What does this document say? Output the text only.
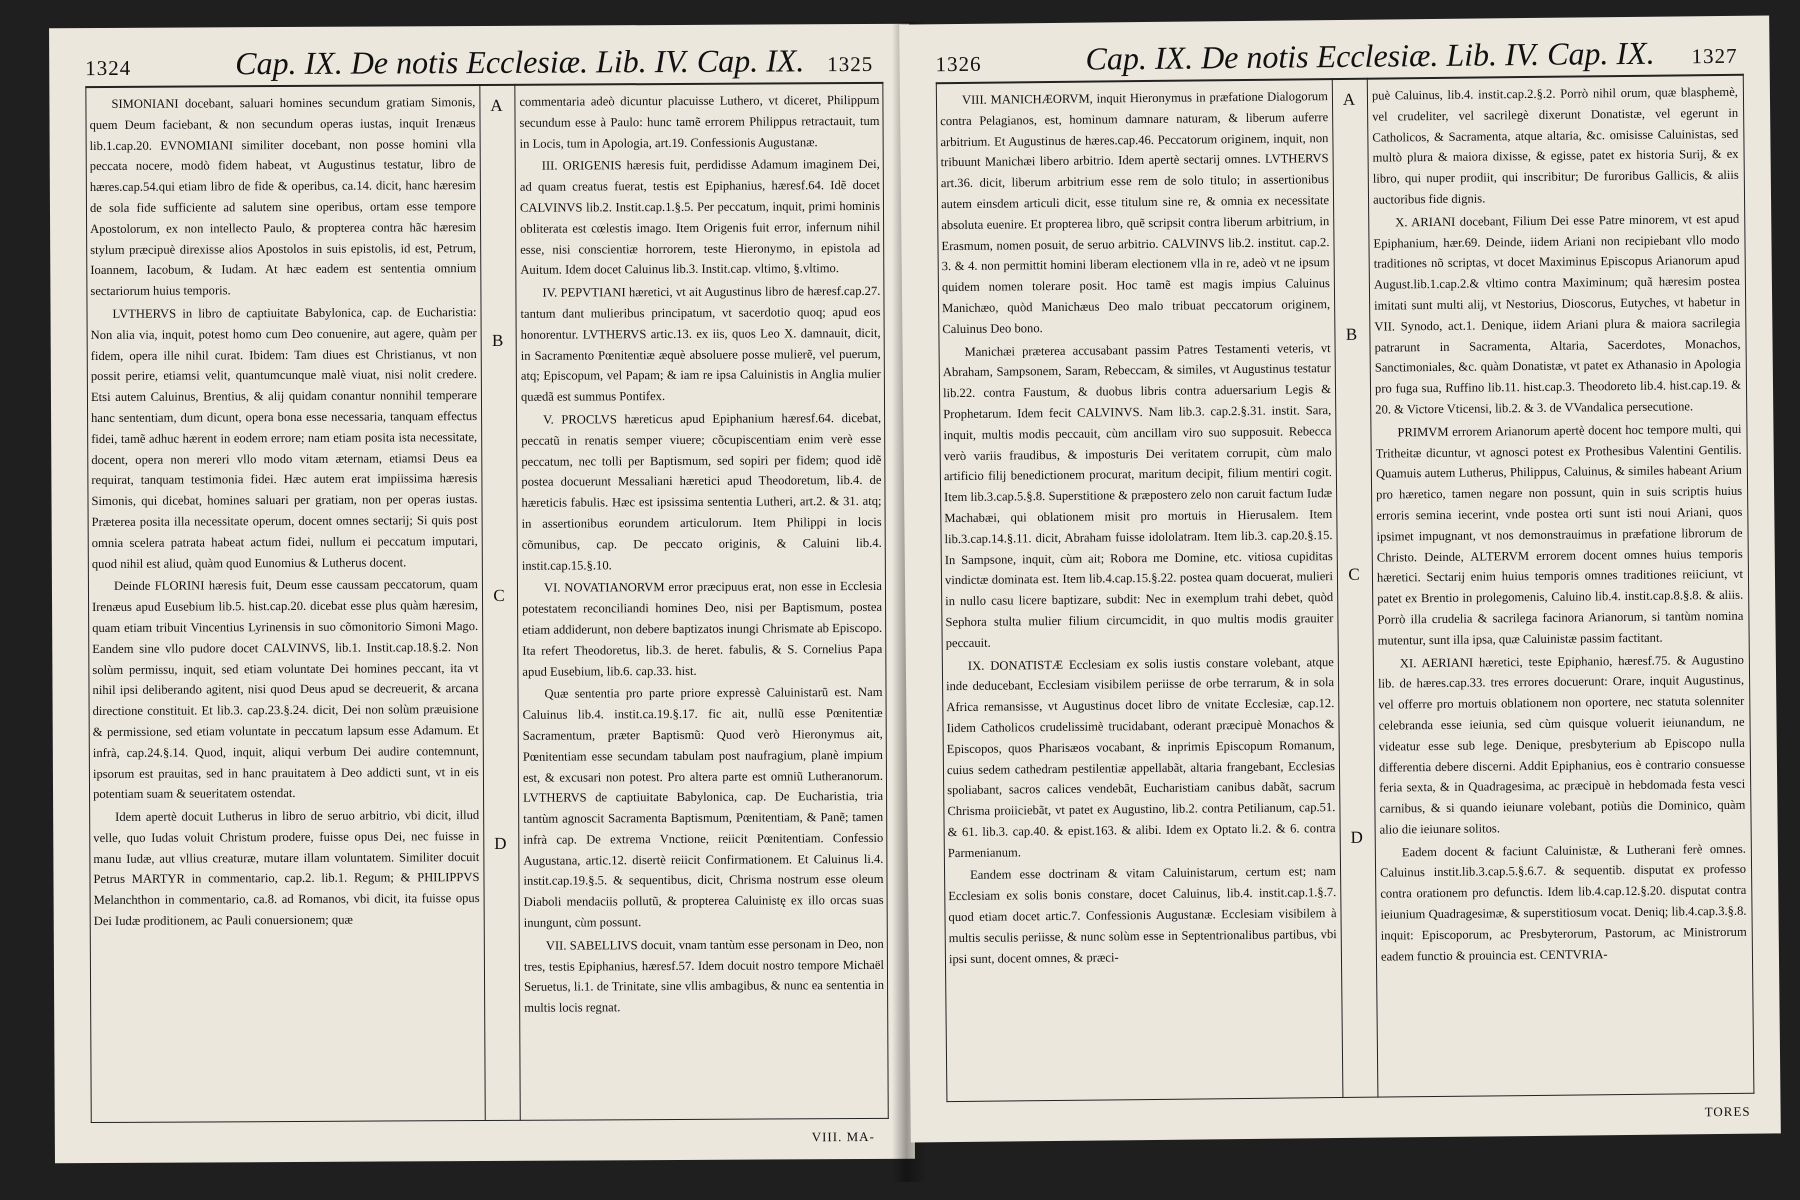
1324	Cap. IX. De notis Ecclesiæ. Lib. IV. Cap. IX. 1325

SIMONIANI docebant, saluari homines secundum gratiam Simonis, quem Deum faciebant, & non secundum operas iustas, inquit Irenæus lib.1.cap.20. EVNOMIANI similiter docebant, non posse homini vlla peccata nocere, modò fidem habeat, vt Augustinus testatur, libro de hæres.cap.54.qui etiam libro de fide & operibus, ca.14. dicit, hanc hæresim de sola fide sufficiente ad salutem sine operibus, ortam esse tempore Apostolorum, ex non intellecto Paulo, & propterea contra hãc hæresim stylum præcipuè direxisse alios Apostolos in suis epistolis, id est, Petrum, Ioannem, Iacobum, & Iudam. At hæc eadem est sententia omnium sectariorum huius temporis.

LVTHERVS in libro de captiuitate Babylonica, cap. de Eucharistia: Non alia via, inquit, potest homo cum Deo conuenire, aut agere, quàm per fidem, opera ille nihil curat. Ibidem: Tam diues est Christianus, vt non possit perire, etiamsi velit, quantumcunque malè viuat, nisi nolit credere. Etsi autem Caluinus, Brentius, & alij quidam conantur nonnihil temperare hanc sententiam, dum dicunt, opera bona esse necessaria, tanquam effectus fidei, tamẽ adhuc hærent in eodem errore; nam etiam posita ista necessitate, docent, opera non mereri vllo modo vitam æternam, etiamsi Deus ea requirat, tanquam testimonia fidei. Hæc autem erat impiissima hæresis Simonis, qui dicebat, homines saluari per gratiam, non per operas iustas. Præterea posita illa necessitate operum, docent omnes sectarij; Si quis post omnia scelera patrata habeat actum fidei, nullum ei peccatum imputari, quod nihil est aliud, quàm quod Eunomius & Lutherus docent.

Deinde FLORINI hæresis fuit, Deum esse caussam peccatorum, quam Irenæus apud Eusebium lib.5. hist.cap.20. dicebat esse plus quàm hæresim, quam etiam tribuit Vincentius Lyrinensis in suo cõmonitorio Simoni Mago. Eandem sine vllo pudore docet CALVINVS, lib.1. Instit.cap.18.§.2. Non solùm permissu, inquit, sed etiam voluntate Dei homines peccant, ita vt nihil ipsi deliberando agitent, nisi quod Deus apud se decreuerit, & arcana directione constituit. Et lib.3. cap.23.§.24. dicit, Dei non solùm præuisione & permissione, sed etiam voluntate in peccatum lapsum esse Adamum. Et infrà, cap.24.§.14. Quod, inquit, aliqui verbum Dei audire contemnunt, ipsorum est prauitas, sed in hanc prauitatem à Deo addicti sunt, vt in eis potentiam suam & seueritatem ostendat.

Idem apertè docuit Lutherus in libro de seruo arbitrio, vbi dicit, illud velle, quo Iudas voluit Christum prodere, fuisse opus Dei, nec fuisse in manu Iudæ, aut vllius creaturæ, mutare illam voluntatem. Similiter docuit Petrus MARTYR in commentario, cap.2. lib.1. Regum; & PHILIPPVS Melanchthon in commentario, ca.8. ad Romanos, vbi dicit, ita fuisse opus Dei Iudæ proditionem, ac Pauli conuersionem; quæ

A
B
C
D

commentaria adeò dicuntur placuisse Luthero, vt diceret, Philippum secundum esse à Paulo: hunc tamẽ errorem Philippus retractauit, tum in Locis, tum in Apologia, art.19. Confessionis Augustanæ.

III. ORIGENIS hæresis fuit, perdidisse Adamum imaginem Dei, ad quam creatus fuerat, testis est Epiphanius, hæresf.64. Idẽ docet CALVINVS lib.2. Instit.cap.1.§.5. Per peccatum, inquit, primi hominis obliterata est cœlestis imago. Item Origenis fuit error, infernum nihil esse, nisi conscientiæ horrorem, teste Hieronymo, in epistola ad Auitum. Idem docet Caluinus lib.3. Instit.cap. vltimo, §.vltimo.

IV. PEPVTIANI hæretici, vt ait Augustinus libro de hæresf.cap.27. tantum dant mulieribus principatum, vt sacerdotio quoq; apud eos honorentur. LVTHERVS artic.13. ex iis, quos Leo X. damnauit, dicit, in Sacramento Pœnitentiæ æquè absoluere posse mulierẽ, vel puerum, atq; Episcopum, vel Papam; & iam re ipsa Caluinistis in Anglia mulier quædã est summus Pontifex.

V. PROCLVS hæreticus apud Epiphanium hæresf.64. dicebat, peccatũ in renatis semper viuere; cõcupiscentiam enim verè esse peccatum, nec tolli per Baptismum, sed sopiri per fidem; quod idẽ postea docuerunt Messaliani hæretici apud Theodoretum, lib.4. de hæreticis fabulis. Hæc est ipsissima sententia Lutheri, art.2. & 31. atq; in assertionibus eorundem articulorum. Item Philippi in locis cõmunibus, cap. De peccato originis, & Caluini lib.4. instit.cap.15.§.10.

VI. NOVATIANORVM error præcipuus erat, non esse in Ecclesia potestatem reconciliandi homines Deo, nisi per Baptismum, postea etiam addiderunt, non debere baptizatos inungi Chrismate ab Episcopo. Ita refert Theodoretus, lib.3. de heret. fabulis, & S. Cornelius Papa apud Eusebium, lib.6. cap.33. hist.

Quæ sententia pro parte priore expressè Caluinistarũ est. Nam Caluinus lib.4. instit.ca.19.§.17. fic ait, nullũ esse Pœnitentiæ Sacramentum, præter Baptismũ: Quod verò Hieronymus ait, Pœnitentiam esse secundam tabulam post naufragium, planè impium est, & excusari non potest. Pro altera parte est omniũ Lutheranorum. LVTHERVS de captiuitate Babylonica, cap. De Eucharistia, tria tantùm agnoscit Sacramenta Baptismum, Pœnitentiam, & Panẽ; tamen infrà cap. De extrema Vnctione, reiicit Pœnitentiam. Confessio Augustana, artic.12. disertè reiicit Confirmationem. Et Caluinus li.4. instit.cap.19.§.5. & sequentibus, dicit, Chrisma nostrum esse oleum Diaboli mendaciis pollutũ, & propterea Caluinistę ex illo orcas suas inungunt, cùm possunt.

VII. SABELLIVS docuit, vnam tantùm esse personam in Deo, non tres, testis Epiphanius, hæresf.57. Idem docuit nostro tempore Michaël Seruetus, li.1. de Trinitate, sine vllis ambagibus, & nunc ea sententia in multis locis regnat.

VIII. MA-
1326	Cap. IX. De notis Ecclesiæ. Lib. IV. Cap. IX. 1327

VIII. MANICHÆORVM, inquit Hieronymus in præfatione Dialogorum contra Pelagianos, est, hominum damnare naturam, & liberum auferre arbitrium. Et Augustinus de hæres.cap.46. Peccatorum originem, inquit, non tribuunt Manichæi libero arbitrio. Idem apertè sectarij omnes. LVTHERVS art.36. dicit, liberum arbitrium esse rem de solo titulo; in assertionibus autem einsdem articuli dicit, esse titulum sine re, & omnia ex necessitate absoluta euenire. Et propterea libro, quẽ scripsit contra liberum arbitrium, in Erasmum, nomen posuit, de seruo arbitrio. CALVINVS lib.2. institut. cap.2. 3. & 4. non permittit homini liberam electionem vlla in re, adeò vt ne ipsum quidem nomen tolerare posit. Hoc tamẽ est magis impius Caluinus Manichæo, quòd Manichæus Deo malo tribuat peccatorum originem, Caluinus Deo bono.

Manichæi præterea accusabant passim Patres Testamenti veteris, vt Abraham, Sampsonem, Saram, Rebeccam, & similes, vt Augustinus testatur lib.22. contra Faustum, & duobus libris contra aduersarium Legis & Prophetarum. Idem fecit CALVINVS. Nam lib.3. cap.2.§.31. instit. Sara, inquit, multis modis peccauit, cùm ancillam viro suo supposuit. Rebecca verò variis fraudibus, & imposturis Dei veritatem corrupit, cùm malo artificio filij benedictionem procurat, maritum decipit, filium mentiri cogit. Item lib.3.cap.5.§.8. Superstitione & præpostero zelo non caruit factum Iudæ Machabæi, qui oblationem misit pro mortuis in Hierusalem. Item lib.3.cap.14.§.11. dicit, Abraham fuisse idololatram. Item lib.3. cap.20.§.15. In Sampsone, inquit, cùm ait; Robora me Domine, etc. vitiosa cupiditas vindictæ dominata est. Item lib.4.cap.15.§.22. postea quam docuerat, mulieri in nullo casu licere baptizare, subdit: Nec in exemplum trahi debet, quòd Sephora stulta mulier filium circumcidit, in quo multis modis grauiter peccauit.

IX. DONATISTÆ Ecclesiam ex solis iustis constare volebant, atque inde deducebant, Ecclesiam visibilem periisse de orbe terrarum, & in sola Africa remansisse, vt Augustinus docet libro de vnitate Ecclesiæ, cap.12. Iidem Catholicos crudelissimè trucidabant, oderant præcipuè Monachos & Episcopos, quos Pharisæos vocabant, & inprimis Episcopum Romanum, cuius sedem cathedram pestilentiæ appellabãt, altaria frangebant, Ecclesias spoliabant, sacros calices vendebãt, Eucharistiam canibus dabãt, sacrum Chrisma proiiciebãt, vt patet ex Augustino, lib.2. contra Petilianum, cap.51. & 61. lib.3. cap.40. & epist.163. & alibi. Idem ex Optato li.2. & 6. contra Parmenianum.

Eandem esse doctrinam & vitam Caluinistarum, certum est; nam Ecclesiam ex solis bonis constare, docet Caluinus, lib.4. instit.cap.1.§.7. quod etiam docet artic.7. Confessionis Augustanæ. Ecclesiam visibilem à multis seculis periisse, & nunc solùm esse in Septentrionalibus partibus, vbi ipsi sunt, docent omnes, & præci-

A
B
C
D

puè Caluinus, lib.4. instit.cap.2.§.2. Porrò nihil orum, quæ blasphemè, vel crudeliter, vel sacrilegè dixerunt Donatistæ, vel egerunt in Catholicos, & Sacramenta, atque altaria, &c. omisisse Caluinistas, sed multò plura & maiora dixisse, & egisse, patet ex historia Surij, & ex libro, qui nuper prodiit, qui inscribitur; De furoribus Gallicis, & aliis auctoribus fide dignis.

X. ARIANI docebant, Filium Dei esse Patre minorem, vt est apud Epiphanium, hær.69. Deinde, iidem Ariani non recipiebant vllo modo traditiones nõ scriptas, vt docet Maximinus Episcopus Arianorum apud August.lib.1.cap.2.& vltimo contra Maximinum; quã hæresim postea imitati sunt multi alij, vt Nestorius, Dioscorus, Eutyches, vt habetur in VII. Synodo, act.1. Denique, iidem Ariani plura & maiora sacrilegia patrarunt in Sacramenta, Altaria, Sacerdotes, Monachos, Sanctimoniales, &c. quàm Donatistæ, vt patet ex Athanasio in Apologia pro fuga sua, Ruffino lib.11. hist.cap.3. Theodoreto lib.4. hist.cap.19. & 20. & Victore Vticensi, lib.2. & 3. de VVandalica persecutione.

PRIMVM errorem Arianorum apertè docent hoc tempore multi, qui Tritheitæ dicuntur, vt agnosci potest ex Prothesibus Valentini Gentilis. Quamuis autem Lutherus, Philippus, Caluinus, & similes habeant Arium pro hæretico, tamen negare non possunt, quin in suis scriptis huius erroris semina iecerint, vnde postea orti sunt isti noui Ariani, quos ipsimet impugnant, vt nos demonstrauimus in præfatione librorum de Christo. Deinde, ALTERVM errorem docent omnes huius temporis hæretici. Sectarij enim huius temporis omnes traditiones reiiciunt, vt patet ex Brentio in prolegomenis, Caluino lib.4. instit.cap.8.§.8. & aliis. Porrò illa crudelia & sacrilega facinora Arianorum, si tantùm nomina mutentur, sunt illa ipsa, quæ Caluinistæ passim factitant.

XI. AERIANI hæretici, teste Epiphanio, hæresf.75. & Augustino lib. de hæres.cap.33. tres errores docuerunt: Orare, inquit Augustinus, vel offerre pro mortuis oblationem non oportere, nec statuta solenniter celebranda esse ieiunia, sed cùm quisque voluerit ieiunandum, ne videatur esse sub lege. Denique, presbyterium ab Episcopo nulla differentia debere discerni. Addit Epiphanius, eos è contrario consuesse feria sexta, & in Quadragesima, ac præcipuè in hebdomada festa vesci carnibus, & si quando ieiunare volebant, potiùs die Dominico, quàm alio die ieiunare solitos.

Eadem docent & faciunt Caluinistæ, & Lutherani ferè omnes. Caluinus instit.lib.3.cap.5.§.6.7. & sequentib. disputat ex professo contra orationem pro defunctis. Idem lib.4.cap.12.§.20. disputat contra ieiunium Quadragesimæ, & superstitiosum vocat. Deniq; lib.4.cap.3.§.8. inquit: Episcoporum, ac Presbyterorum, Pastorum, ac Ministrorum eadem functio & prouincia est. CENTVRIA-

TORES
